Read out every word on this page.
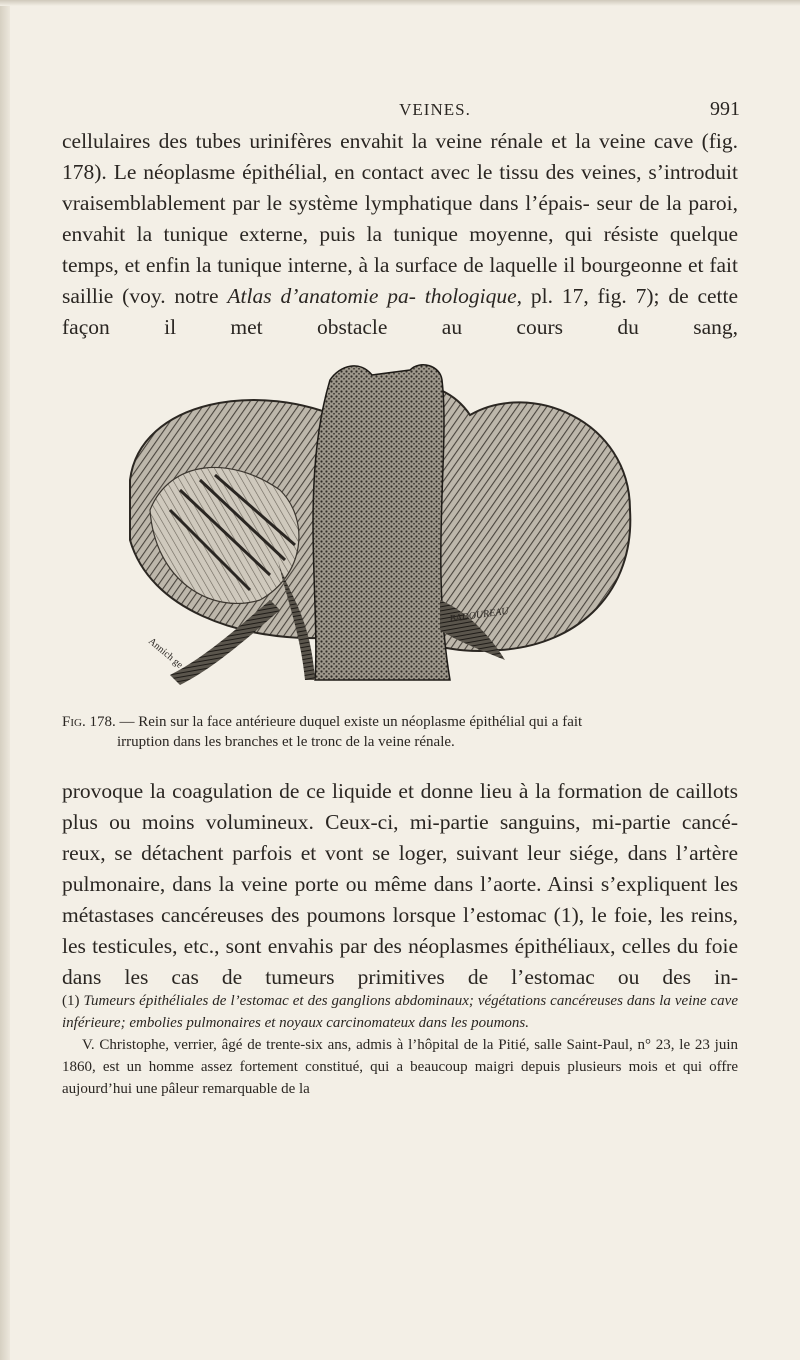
VEINES.	991

cellulaires des tubes urinifères envahit la veine rénale et la veine cave (fig. 178). Le néoplasme épithélial, en contact avec le tissu des veines, s’introduit vraisemblablement par le système lymphatique dans l’épais- seur de la paroi, envahit la tunique externe, puis la tunique moyenne, qui résiste quelque temps, et enfin la tunique interne, à la surface de laquelle il bourgeonne et fait saillie (voy. notre Atlas d’anatomie pa- thologique, pl. 17, fig. 7); de cette façon il met obstacle au cours du sang,

Annich ge
BADOUREAU

Fig. 178. — Rein sur la face antérieure duquel existe un néoplasme épithélial qui a fait
irruption dans les branches et le tronc de la veine rénale.

provoque la coagulation de ce liquide et donne lieu à la formation de caillots plus ou moins volumineux. Ceux-ci, mi-partie sanguins, mi-partie cancé- reux, se détachent parfois et vont se loger, suivant leur siége, dans l’artère pulmonaire, dans la veine porte ou même dans l’aorte. Ainsi s’expliquent les métastases cancéreuses des poumons lorsque l’estomac (1), le foie, les reins, les testicules, etc., sont envahis par des néoplasmes épithéliaux, celles du foie dans les cas de tumeurs primitives de l’estomac ou des in-

(1) Tumeurs épithéliales de l’estomac et des ganglions abdominaux; végétations cancéreuses dans la veine cave inférieure; embolies pulmonaires et noyaux carcinomateux dans les poumons.

V. Christophe, verrier, âgé de trente-six ans, admis à l’hôpital de la Pitié, salle Saint-Paul, n° 23, le 23 juin 1860, est un homme assez fortement constitué, qui a beaucoup maigri depuis plusieurs mois et qui offre aujourd’hui une pâleur remarquable de la
